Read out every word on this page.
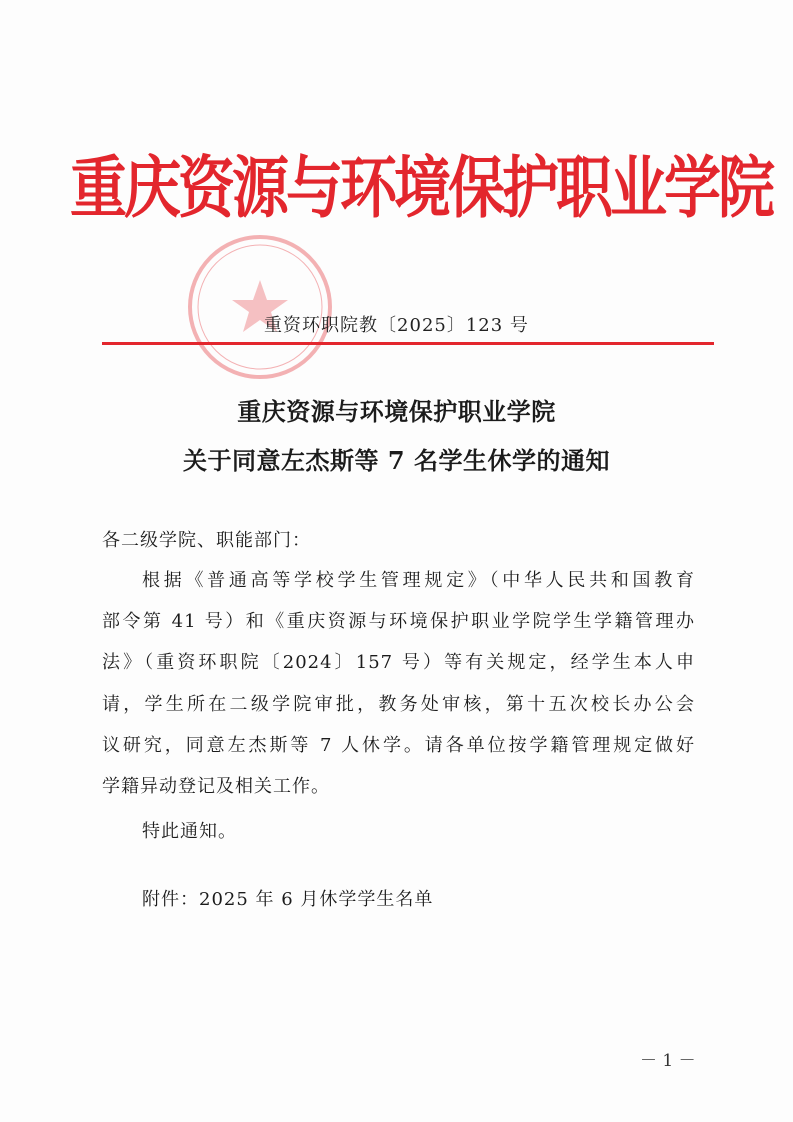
重庆资源与环境保护职业学院
重资环职院教〔2025〕123 号
重庆资源与环境保护职业学院
关于同意左杰斯等 7 名学生休学的通知
各二级学院、职能部门：
根据《普通高等学校学生管理规定》（中华人民共和国教育
部令第 41 号）和《重庆资源与环境保护职业学院学生学籍管理办
法》（重资环职院〔2024〕157 号）等有关规定，经学生本人申
请，学生所在二级学院审批，教务处审核，第十五次校长办公会
议研究，同意左杰斯等 7 人休学。请各单位按学籍管理规定做好
学籍异动登记及相关工作。
特此通知。
附件：2025 年 6 月休学学生名单
－ 1 －
